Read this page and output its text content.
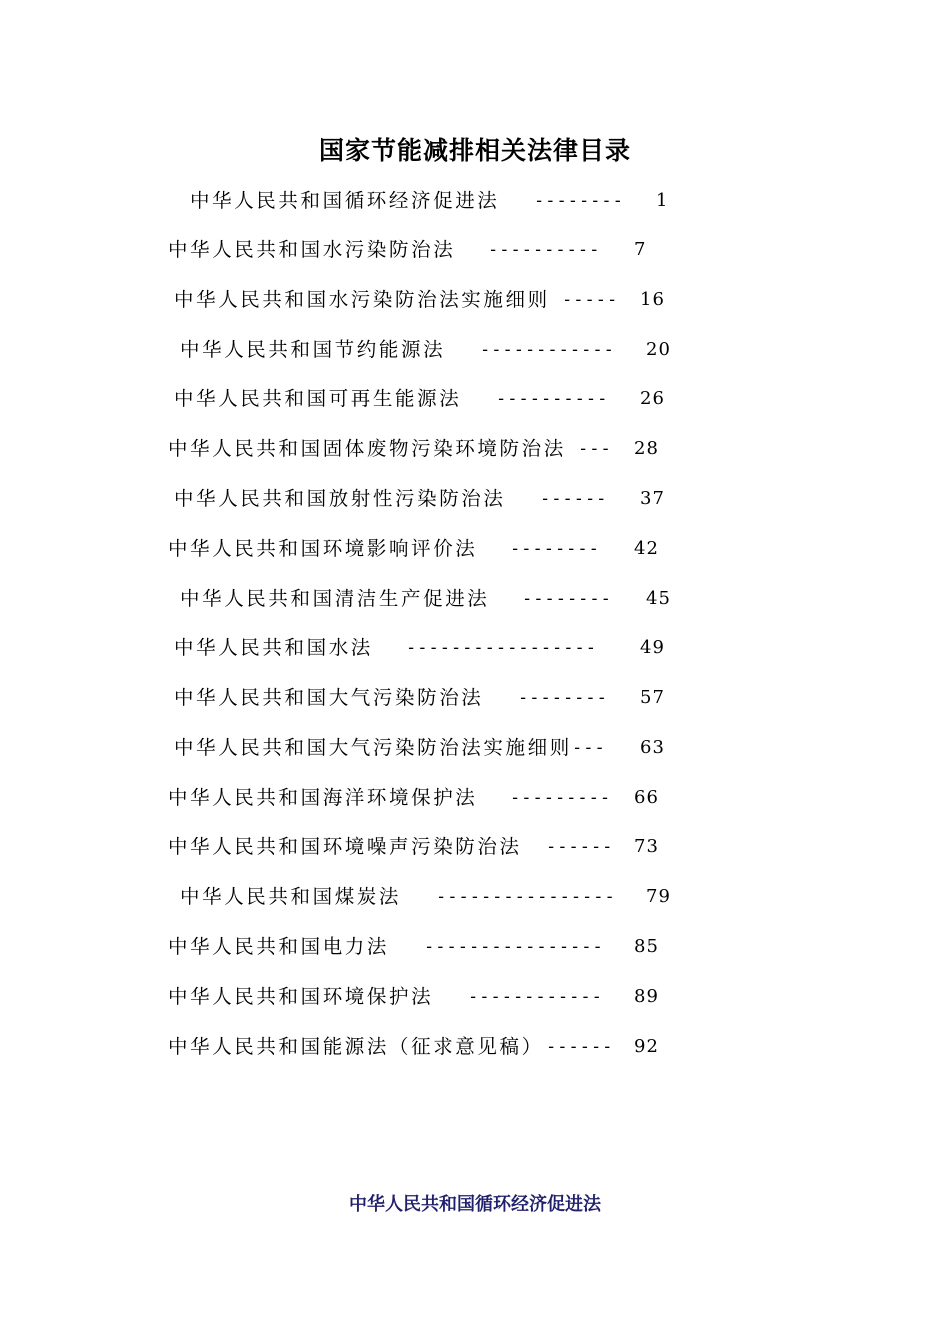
国家节能减排相关法律目录
中华人民共和国循环经济促进法 -------- 1
中华人民共和国水污染防治法 ---------- 7
中华人民共和国水污染防治法实施细则 ----- 16
中华人民共和国节约能源法 ------------ 20
中华人民共和国可再生能源法 ---------- 26
中华人民共和国固体废物污染环境防治法 --- 28
中华人民共和国放射性污染防治法 ------ 37
中华人民共和国环境影响评价法 -------- 42
中华人民共和国清洁生产促进法 -------- 45
中华人民共和国水法 ----------------- 49
中华人民共和国大气污染防治法 -------- 57
中华人民共和国大气污染防治法实施细则 --- 63
中华人民共和国海洋环境保护法 --------- 66
中华人民共和国环境噪声污染防治法 ------ 73
中华人民共和国煤炭法 ---------------- 79
中华人民共和国电力法 ---------------- 85
中华人民共和国环境保护法 ------------ 89
中华人民共和国能源法（征求意见稿） ------ 92
中华人民共和国循环经济促进法
